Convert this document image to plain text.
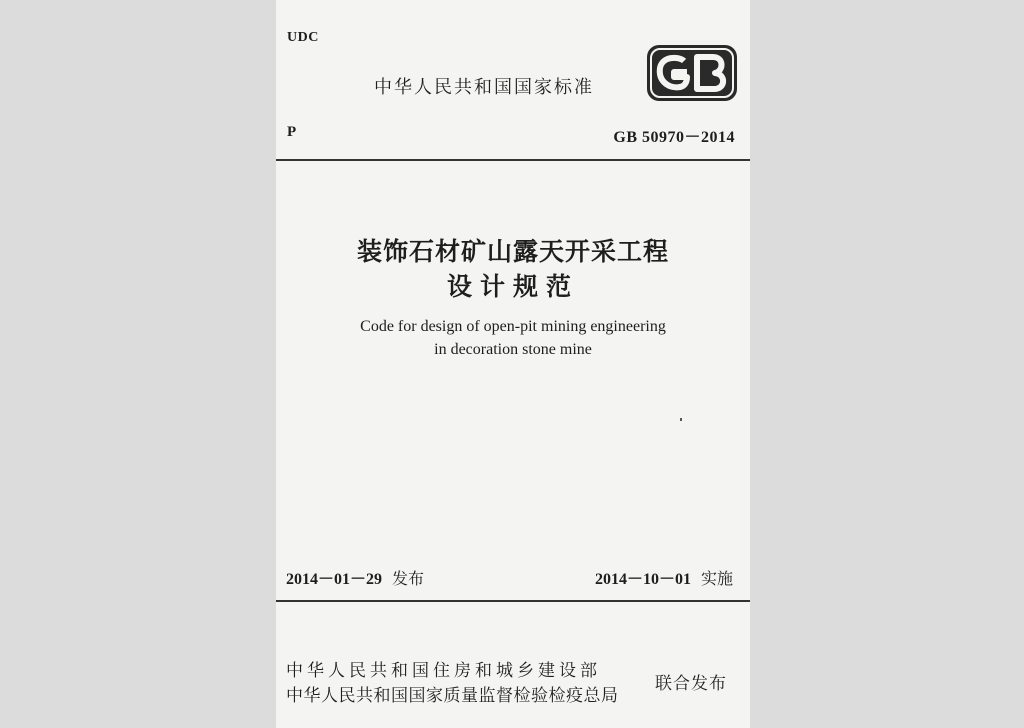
UDC
中华人民共和国国家标准
P	GB 50970－2014
装饰石材矿山露天开采工程
设计规范
Code for design of open-pit mining engineering
in decoration stone mine
2014－01－29 发布	2014－10－01 实施
中华人民共和国住房和城乡建设部
中华人民共和国国家质量监督检验检疫总局
联合发布
